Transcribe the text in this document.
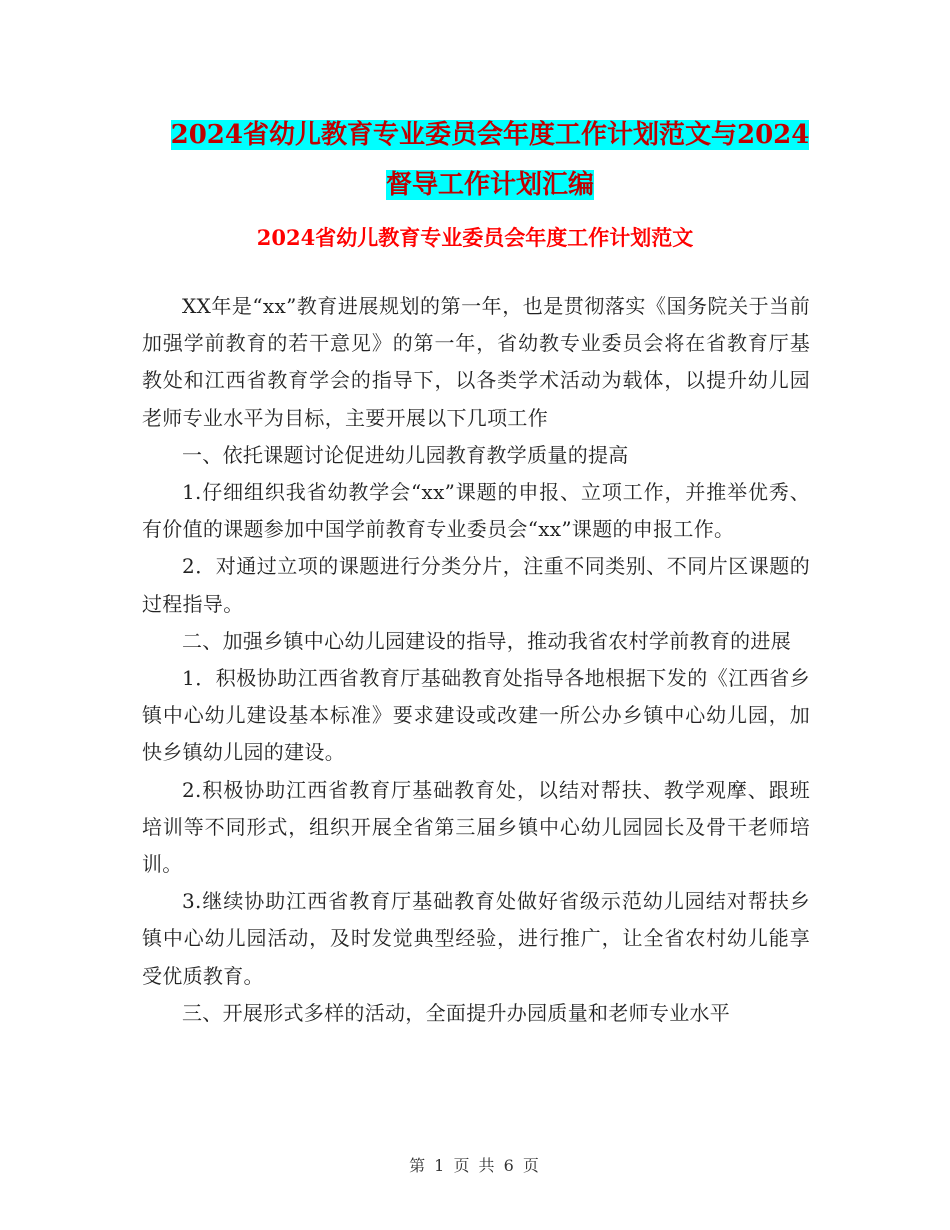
2024省幼儿教育专业委员会年度工作计划范文与2024
督导工作计划汇编
2024省幼儿教育专业委员会年度工作计划范文

XX年是“xx”教育进展规划的第一年，也是贯彻落实《国务院关于当前加强学前教育的若干意见》的第一年，省幼教专业委员会将在省教育厅基教处和江西省教育学会的指导下，以各类学术活动为载体，以提升幼儿园老师专业水平为目标，主要开展以下几项工作

一、依托课题讨论促进幼儿园教育教学质量的提高

1.仔细组织我省幼教学会“xx”课题的申报、立项工作，并推举优秀、有价值的课题参加中国学前教育专业委员会“xx”课题的申报工作。

2．对通过立项的课题进行分类分片，注重不同类别、不同片区课题的过程指导。

二、加强乡镇中心幼儿园建设的指导，推动我省农村学前教育的进展

1．积极协助江西省教育厅基础教育处指导各地根据下发的《江西省乡镇中心幼儿建设基本标准》要求建设或改建一所公办乡镇中心幼儿园，加快乡镇幼儿园的建设。

2.积极协助江西省教育厅基础教育处，以结对帮扶、教学观摩、跟班培训等不同形式，组织开展全省第三届乡镇中心幼儿园园长及骨干老师培训。

3.继续协助江西省教育厅基础教育处做好省级示范幼儿园结对帮扶乡镇中心幼儿园活动，及时发觉典型经验，进行推广，让全省农村幼儿能享受优质教育。

三、开展形式多样的活动，全面提升办园质量和老师专业水平

第 1 页 共 6 页
